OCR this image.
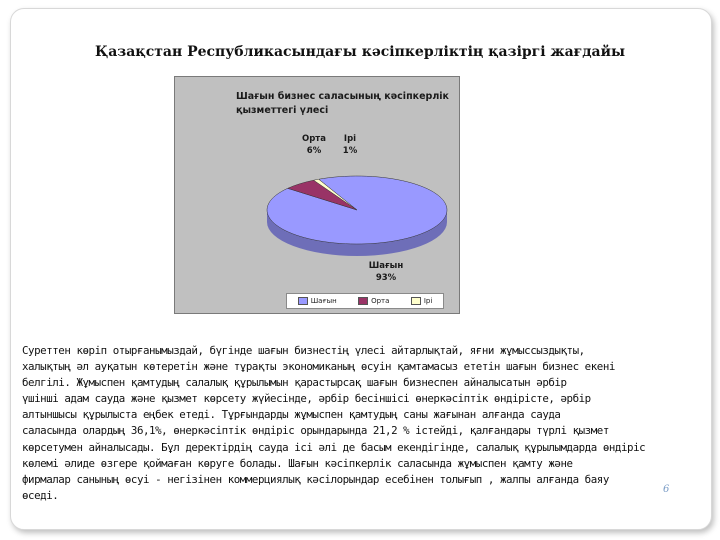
Қазақстан Республикасындағы кәсіпкерліктің қазіргі жағдайы
Шағын бизнес саласының кәсіпкерлік
қызметтегі үлесі
Орта
6%
Ірі
1%
Шағын
93%
Шағын	Орта	Ірі
Суреттен көріп отырғанымыздай, бүгінде шағын бизнестің үлесі айтарлықтай, яғни жұмыссыздықты,
халықтың әл ауқатын көтеретін және тұрақты экономиканың өсуін қамтамасыз ететін шағын бизнес екені
белгілі. Жұмыспен қамтудың салалық құрылымын қарастырсақ шағын бизнеспен айналысатын әрбір
үшінші адам сауда және қызмет көрсету жүйесінде, әрбір бесіншісі өнеркәсіптік өндірісте, әрбір
алтыншысы құрылыста еңбек етеді. Тұрғындарды жұмыспен қамтудың саны жағынан алғанда сауда
саласында олардың 36,1%, өнеркәсіптік өндіріс орындарында 21,2 % істейді, қалғандары түрлі қызмет
көрсетумен айналысады. Бұл деректірдің сауда ісі әлі де басым екендігінде, салалық құрылымдарда өндіріс
көлемі әлиде өзгере қоймаған көруге болады. Шағын кәсіпкерлік саласында жұмыспен қамту және
фирмалар санының өсуі - негізінен коммерциялық кәсілорындар есебінен толығып , жалпы алғанда баяу
өседі.	6
